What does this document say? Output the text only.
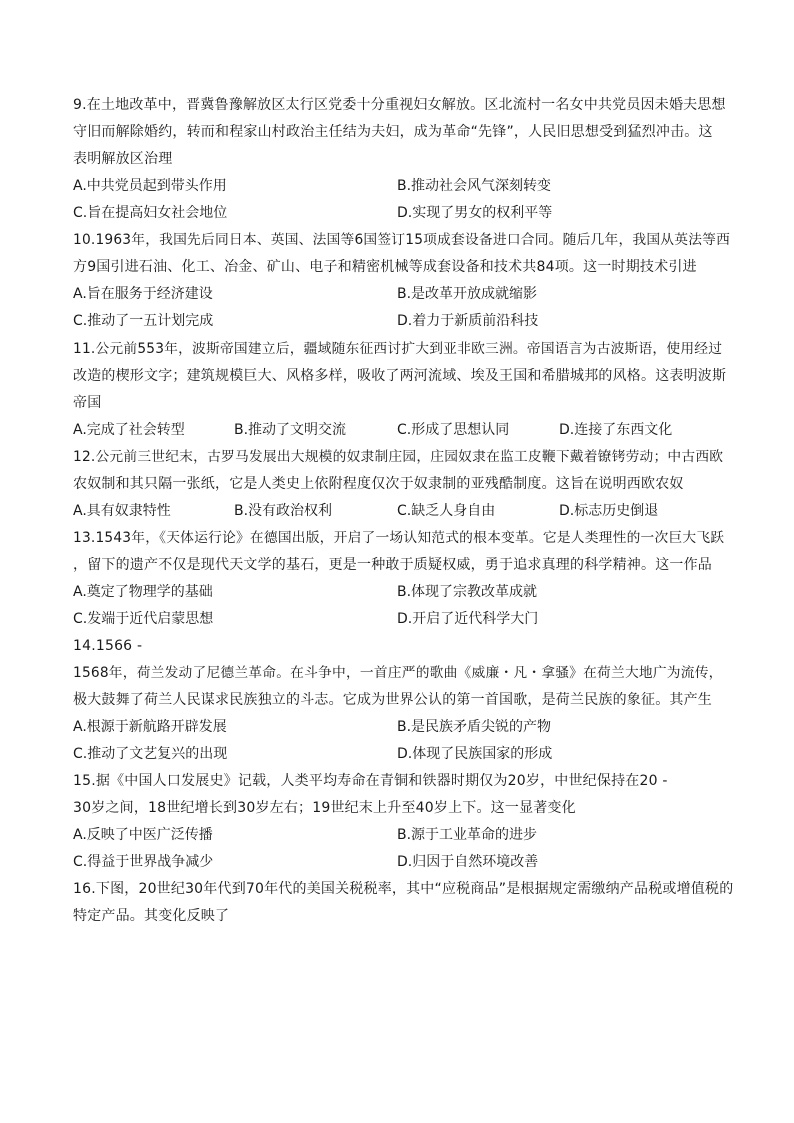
9.在土地改革中，晋冀鲁豫解放区太行区党委十分重视妇女解放。区北流村一名女中共党员因未婚夫思想
守旧而解除婚约，转而和程家山村政治主任结为夫妇，成为革命“先锋”，人民旧思想受到猛烈冲击。这
表明解放区治理
A.中共党员起到带头作用	B.推动社会风气深刻转变
C.旨在提高妇女社会地位	D.实现了男女的权利平等
10.1963年，我国先后同日本、英国、法国等6国签订15项成套设备进口合同。随后几年，我国从英法等西
方9国引进石油、化工、冶金、矿山、电子和精密机械等成套设备和技术共84项。这一时期技术引进
A.旨在服务于经济建设	B.是改革开放成就缩影
C.推动了一五计划完成	D.着力于新质前沿科技
11.公元前553年，波斯帝国建立后，疆域随东征西讨扩大到亚非欧三洲。帝国语言为古波斯语，使用经过
改造的楔形文字；建筑规模巨大、风格多样，吸收了两河流域、埃及王国和希腊城邦的风格。这表明波斯
帝国
A.完成了社会转型	B.推动了文明交流	C.形成了思想认同	D.连接了东西文化
12.公元前三世纪末，古罗马发展出大规模的奴隶制庄园，庄园奴隶在监工皮鞭下戴着镣铐劳动；中古西欧
农奴制和其只隔一张纸，它是人类史上依附程度仅次于奴隶制的亚残酷制度。这旨在说明西欧农奴
A.具有奴隶特性	B.没有政治权利	C.缺乏人身自由	D.标志历史倒退
13.1543年，《天体运行论》在德国出版，开启了一场认知范式的根本变革。它是人类理性的一次巨大飞跃
，留下的遗产不仅是现代天文学的基石，更是一种敢于质疑权威，勇于追求真理的科学精神。这一作品
A.奠定了物理学的基础	B.体现了宗教改革成就
C.发端于近代启蒙思想	D.开启了近代科学大门
14.1566 -
1568年，荷兰发动了尼德兰革命。在斗争中，一首庄严的歌曲《威廉・凡・拿骚》在荷兰大地广为流传，
极大鼓舞了荷兰人民谋求民族独立的斗志。它成为世界公认的第一首国歌，是荷兰民族的象征。其产生
A.根源于新航路开辟发展	B.是民族矛盾尖锐的产物
C.推动了文艺复兴的出现	D.体现了民族国家的形成
15.据《中国人口发展史》记载，人类平均寿命在青铜和铁器时期仅为20岁，中世纪保持在20 -
30岁之间，18世纪增长到30岁左右；19世纪末上升至40岁上下。这一显著变化
A.反映了中医广泛传播	B.源于工业革命的进步
C.得益于世界战争减少	D.归因于自然环境改善
16.下图，20世纪30年代到70年代的美国关税税率，其中“应税商品”是根据规定需缴纳产品税或增值税的
特定产品。其变化反映了
